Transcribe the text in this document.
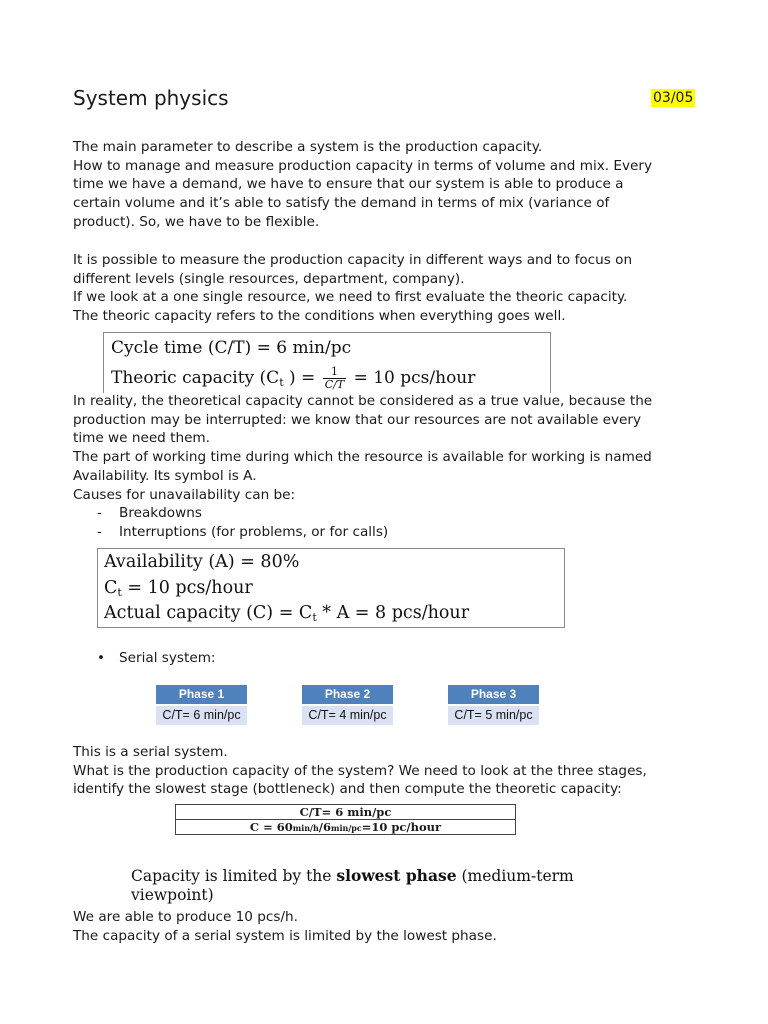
System physics	03/05
The main parameter to describe a system is the production capacity.
How to manage and measure production capacity in terms of volume and mix. Every
time we have a demand, we have to ensure that our system is able to produce a
certain volume and it’s able to satisfy the demand in terms of mix (variance of
product). So, we have to be flexible.
It is possible to measure the production capacity in different ways and to focus on
different levels (single resources, department, company).
If we look at a one single resource, we need to first evaluate the theoric capacity.
The theoric capacity refers to the conditions when everything goes well.
Cycle time (C/T) = 6 min/pc
Theoric capacity ($C_t$ ) = $\frac{1}{C/T} = 10$ pcs/hour
In reality, the theoretical capacity cannot be considered as a true value, because the
production may be interrupted: we know that our resources are not available every
time we need them.
The part of working time during which the resource is available for working is named
Availability. Its symbol is A.
Causes for unavailability can be:
- Breakdowns
- Interruptions (for problems, or for calls)
Availability (A) = 80%
$C_t = 10$ pcs/hour
Actual capacity $(C) = C_t * A = 8$ pcs/hour
• Serial system:
Phase 1
C/T= 6 min/pc
Phase 2
C/T= 4 min/pc
Phase 3
C/T= 5 min/pc
This is a serial system.
What is the production capacity of the system? We need to look at the three stages,
identify the slowest stage (bottleneck) and then compute the theoretic capacity:
C/T= 6 min/pc
C = 60min/h/6min/pc=10 pc/hour
Capacity is limited by the slowest phase (medium-term
viewpoint)
We are able to produce 10 pcs/h.
The capacity of a serial system is limited by the lowest phase.
